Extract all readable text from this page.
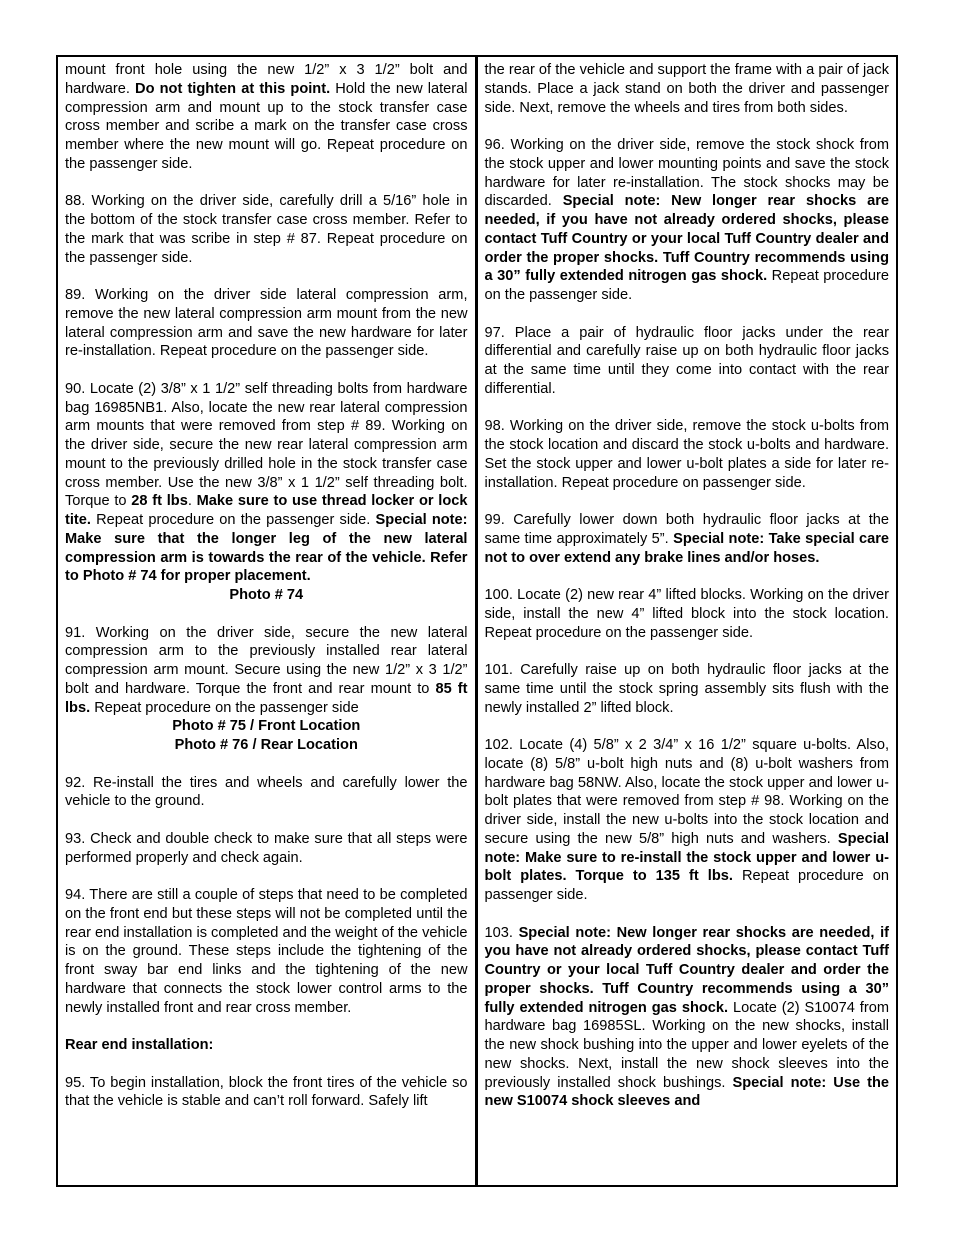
mount front hole using the new 1/2” x 3 1/2” bolt and hardware. Do not tighten at this point. Hold the new lateral compression arm and mount up to the stock transfer case cross member and scribe a mark on the transfer case cross member where the new mount will go. Repeat procedure on the passenger side.

88. Working on the driver side, carefully drill a 5/16” hole in the bottom of the stock transfer case cross member. Refer to the mark that was scribe in step # 87. Repeat procedure on the passenger side.

89. Working on the driver side lateral compression arm, remove the new lateral compression arm mount from the new lateral compression arm and save the new hardware for later re-installation. Repeat procedure on the passenger side.

90. Locate (2) 3/8” x 1 1/2” self threading bolts from hardware bag 16985NB1. Also, locate the new rear lateral compression arm mounts that were removed from step # 89. Working on the driver side, secure the new rear lateral compression arm mount to the previously drilled hole in the stock transfer case cross member. Use the new 3/8” x 1 1/2” self threading bolt. Torque to 28 ft lbs. Make sure to use thread locker or lock tite. Repeat procedure on the passenger side. Special note: Make sure that the longer leg of the new lateral compression arm is towards the rear of the vehicle. Refer to Photo # 74 for proper placement.

Photo # 74

91. Working on the driver side, secure the new lateral compression arm to the previously installed rear lateral compression arm mount. Secure using the new 1/2” x 3 1/2” bolt and hardware. Torque the front and rear mount to 85 ft lbs. Repeat procedure on the passenger side

Photo # 75 / Front Location

Photo # 76 / Rear Location

92. Re-install the tires and wheels and carefully lower the vehicle to the ground.

93. Check and double check to make sure that all steps were performed properly and check again.

94. There are still a couple of steps that need to be completed on the front end but these steps will not be completed until the rear end installation is completed and the weight of the vehicle is on the ground. These steps include the tightening of the front sway bar end links and the tightening of the new hardware that connects the stock lower control arms to the newly installed front and rear cross member.

Rear end installation:

95. To begin installation, block the front tires of the vehicle so that the vehicle is stable and can’t roll forward. Safely lift

the rear of the vehicle and support the frame with a pair of jack stands. Place a jack stand on both the driver and passenger side. Next, remove the wheels and tires from both sides.

96. Working on the driver side, remove the stock shock from the stock upper and lower mounting points and save the stock hardware for later re-installation. The stock shocks may be discarded. Special note: New longer rear shocks are needed, if you have not already ordered shocks, please contact Tuff Country or your local Tuff Country dealer and order the proper shocks. Tuff Country recommends using a 30” fully extended nitrogen gas shock. Repeat procedure on the passenger side.

97. Place a pair of hydraulic floor jacks under the rear differential and carefully raise up on both hydraulic floor jacks at the same time until they come into contact with the rear differential.

98. Working on the driver side, remove the stock u-bolts from the stock location and discard the stock u-bolts and hardware. Set the stock upper and lower u-bolt plates a side for later re-installation. Repeat procedure on passenger side.

99. Carefully lower down both hydraulic floor jacks at the same time approximately 5”. Special note: Take special care not to over extend any brake lines and/or hoses.

100. Locate (2) new rear 4” lifted blocks. Working on the driver side, install the new 4” lifted block into the stock location. Repeat procedure on the passenger side.

101. Carefully raise up on both hydraulic floor jacks at the same time until the stock spring assembly sits flush with the newly installed 2” lifted block.

102. Locate (4) 5/8” x 2 3/4” x 16 1/2” square u-bolts. Also, locate (8) 5/8” u-bolt high nuts and (8) u-bolt washers from hardware bag 58NW. Also, locate the stock upper and lower u-bolt plates that were removed from step # 98. Working on the driver side, install the new u-bolts into the stock location and secure using the new 5/8” high nuts and washers. Special note: Make sure to re-install the stock upper and lower u-bolt plates. Torque to 135 ft lbs. Repeat procedure on passenger side.

103. Special note: New longer rear shocks are needed, if you have not already ordered shocks, please contact Tuff Country or your local Tuff Country dealer and order the proper shocks. Tuff Country recommends using a 30” fully extended nitrogen gas shock. Locate (2) S10074 from hardware bag 16985SL. Working on the new shocks, install the new shock bushing into the upper and lower eyelets of the new shocks. Next, install the new shock sleeves into the previously installed shock bushings. Special note: Use the new S10074 shock sleeves and
